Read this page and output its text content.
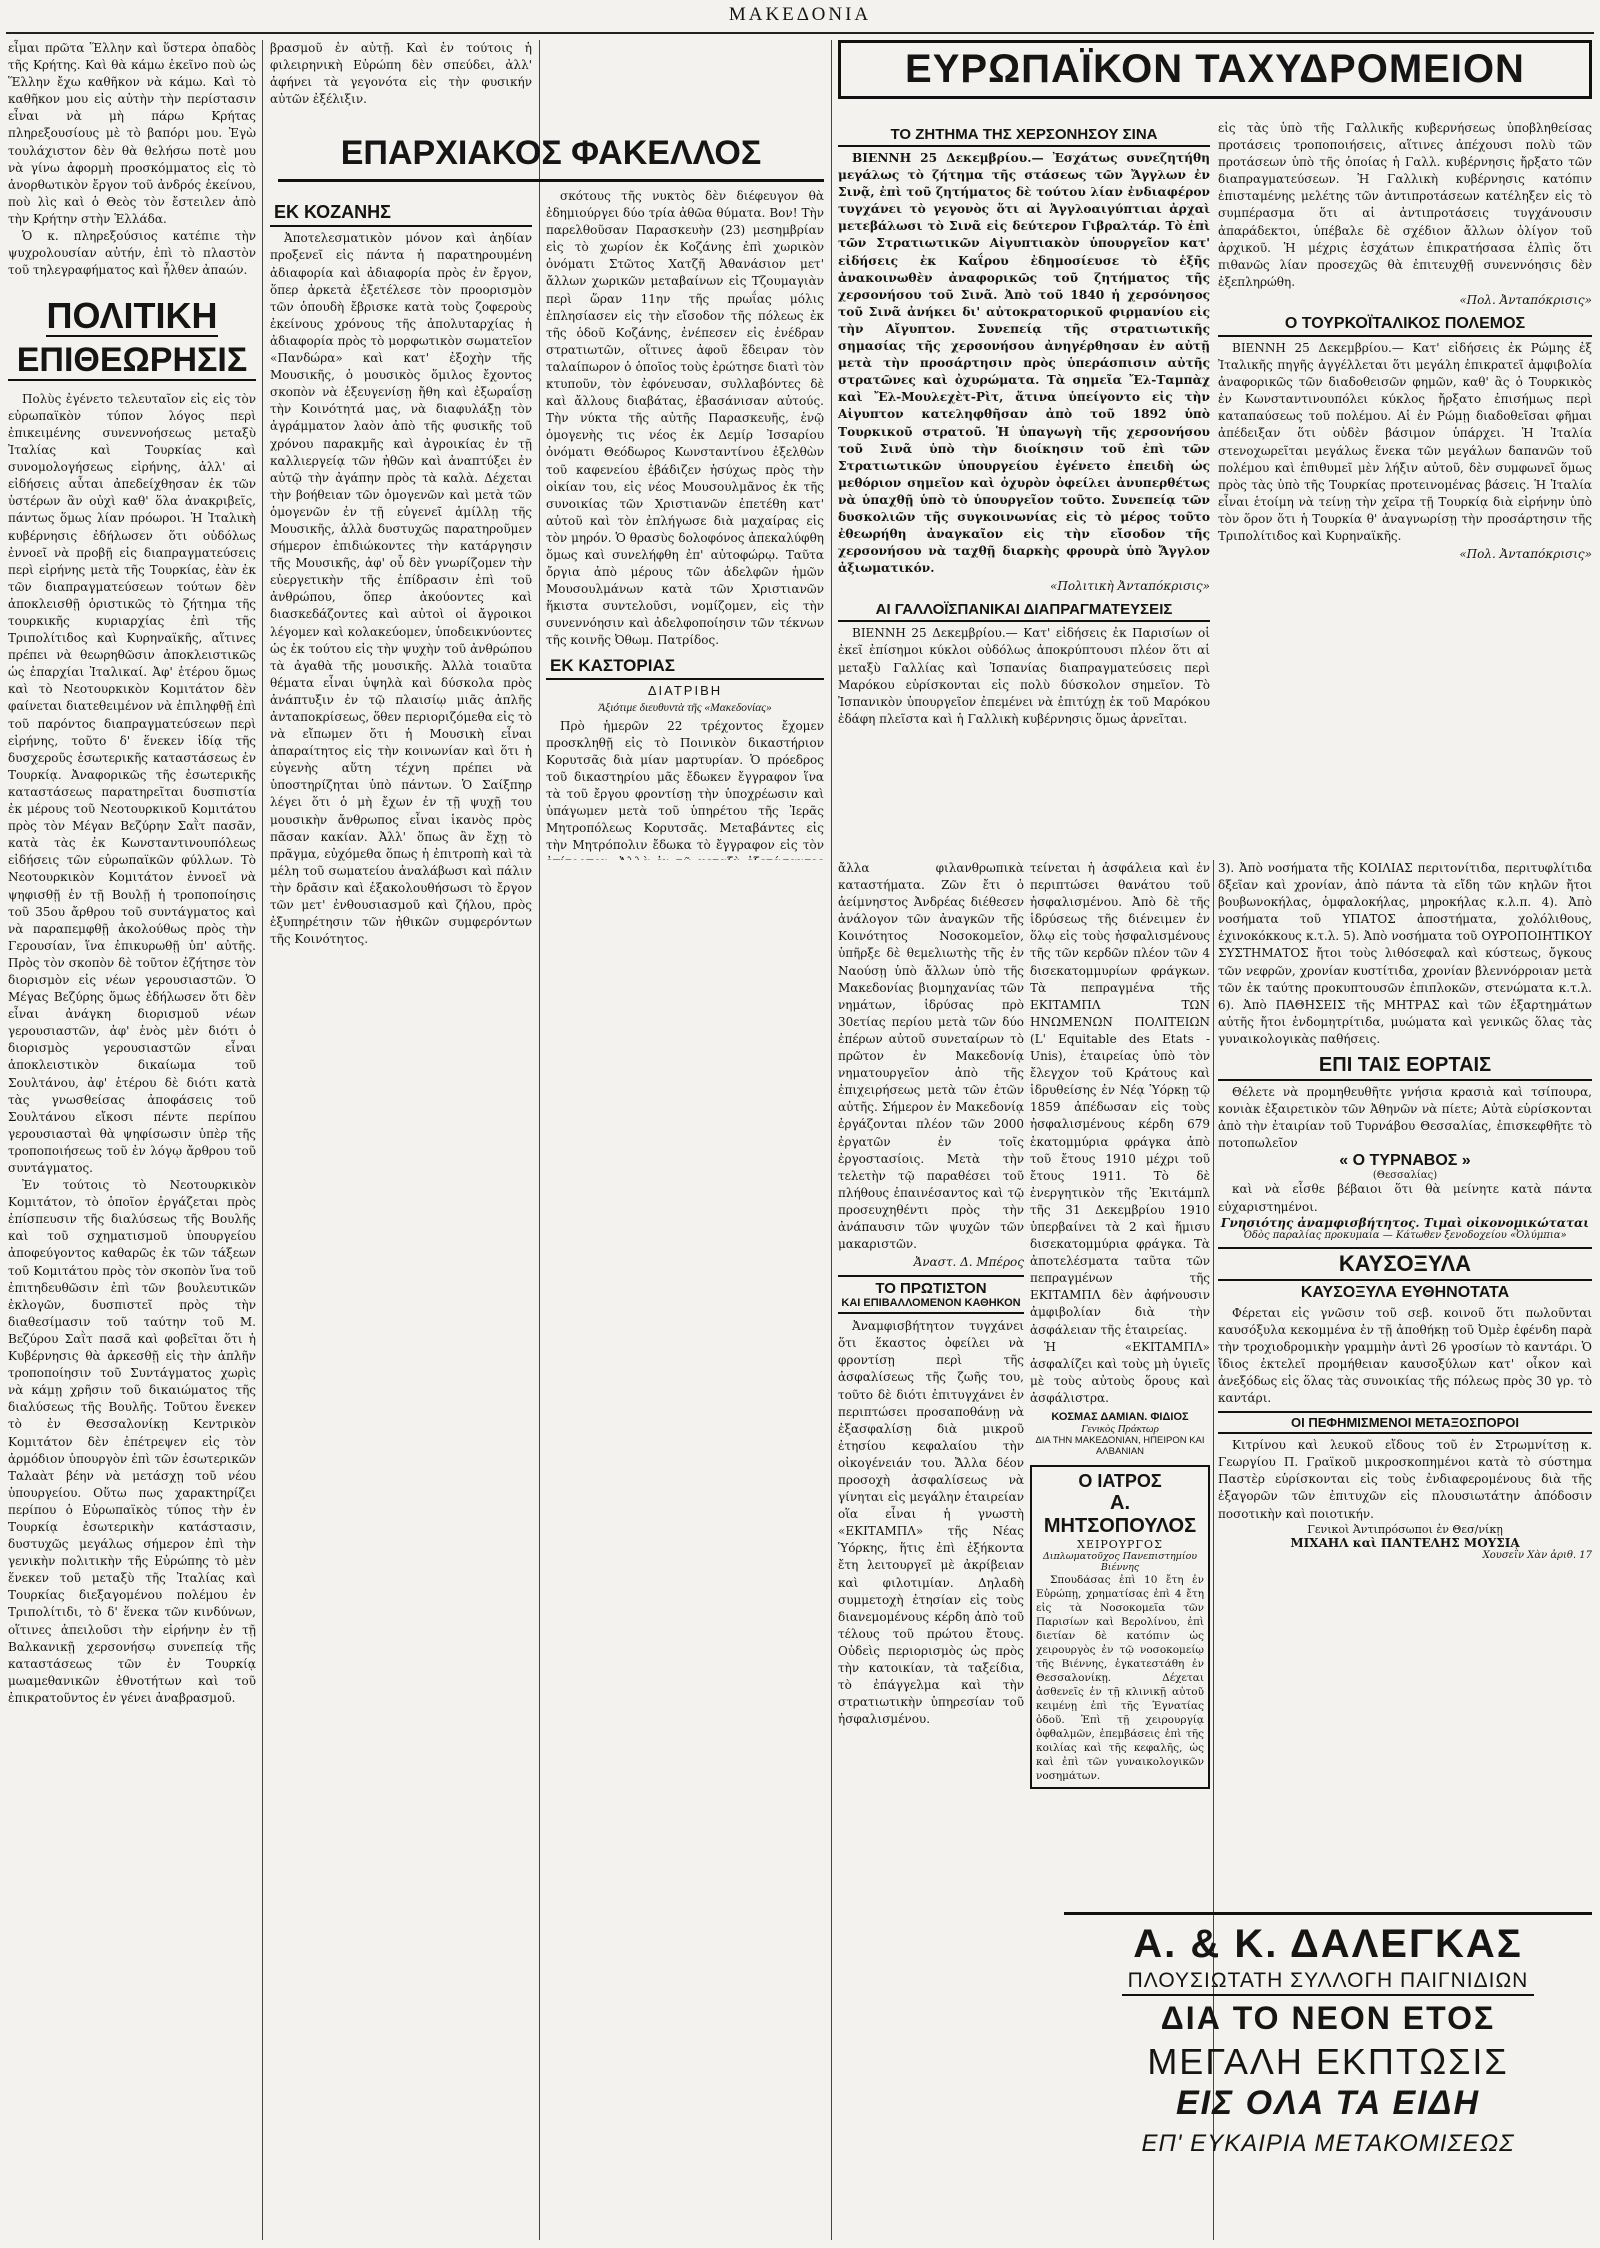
ΜΑΚΕΔΟΝΙΑ

εἶμαι πρῶτα Ἕλλην καὶ ὕστερα ὀπαδὸς τῆς Κρήτης. Καὶ θὰ κάμω ἐκεῖνο ποὺ ὡς Ἕλλην ἔχω καθῆκον νὰ κάμω. Καὶ τὸ καθῆκον μου εἰς αὐτὴν τὴν περίστασιν εἶναι νὰ μὴ πάρω Κρήτας πληρεξουσίους μὲ τὸ βαπόρι μου. Ἐγὼ τουλάχιστον δὲν θὰ θελήσω ποτὲ μου νὰ γίνω ἀφορμὴ προσκόμματος εἰς τὸ ἀνορθωτικὸν ἔργον τοῦ ἀνδρός ἐκείνου, ποὺ λὶς καὶ ὁ Θεὸς τὸν ἔστειλεν ἀπὸ τὴν Κρήτην στὴν Ἑλλάδα.

Ὁ κ. πληρεξούσιος κατέπιε τὴν ψυχρολουσίαν αὐτήν, ἐπὶ τὸ πλαστὸν τοῦ τηλεγραφήματος καὶ ἦλθεν ἀπαών.

ΠΟΛΙΤΙΚΗ
ΕΠΙΘΕΩΡΗΣΙΣ

Πολὺς ἐγένετο τελευταῖον εἰς εἰς τὸν εὐρωπαϊκὸν τύπον λόγος περὶ ἐπικειμένης συνεννοήσεως μεταξὺ Ἰταλίας καὶ Τουρκίας καὶ συνομολογήσεως εἰρήνης, ἀλλ' αἱ εἰδήσεις αὗται ἀπεδείχθησαν ἐκ τῶν ὑστέρων ἂν οὐχὶ καθ' ὅλα ἀνακριβεῖς, πάντως ὅμως λίαν πρόωροι. Ἡ Ἰταλικὴ κυβέρνησις ἐδήλωσεν ὅτι οὐδόλως ἐννοεῖ νὰ προβῇ εἰς διαπραγματεύσεις περὶ εἰρήνης μετὰ τῆς Τουρκίας, ἐὰν ἐκ τῶν διαπραγματεύσεων τούτων δὲν ἀποκλεισθῇ ὁριστικῶς τὸ ζήτημα τῆς τουρκικῆς κυριαρχίας ἐπὶ τῆς Τριπολίτιδος καὶ Κυρηναϊκῆς, αἵτινες πρέπει νὰ θεωρηθῶσιν ἀποκλειστικῶς ὡς ἐπαρχίαι Ἰταλικαί. Ἀφ' ἑτέρου ὅμως καὶ τὸ Νεοτουρκικὸν Κομιτάτον δὲν φαίνεται διατεθειμένον νὰ ἐπιληφθῇ ἐπὶ τοῦ παρόντος διαπραγματεύσεων περὶ εἰρήνης, τοῦτο δ' ἕνεκεν ἰδίᾳ τῆς δυσχεροῦς ἐσωτερικῆς καταστάσεως ἐν Τουρκίᾳ. Ἀναφορικῶς τῆς ἐσωτερικῆς καταστάσεως παρατηρεῖται δυσπιστία ἐκ μέρους τοῦ Νεοτουρκικοῦ Κομιτάτου πρὸς τὸν Μέγαν Βεζύρην Σαῒτ πασᾶν, κατὰ τὰς ἐκ Κωνσταντινουπόλεως εἰδήσεις τῶν εὐρωπαϊκῶν φύλλων. Τὸ Νεοτουρκικὸν Κομιτάτον ἐννοεῖ νὰ ψηφισθῇ ἐν τῇ Βουλῇ ἡ τροποποίησις τοῦ 35ου ἄρθρου τοῦ συντάγματος καὶ νὰ παραπεμφθῇ ἀκολούθως πρὸς τὴν Γερουσίαν, ἵνα ἐπικυρωθῇ ὑπ' αὐτῆς. Πρὸς τὸν σκοπὸν δὲ τοῦτον ἐζήτησε τὸν διορισμὸν εἰς νέων γερουσιαστῶν. Ὁ Μέγας Βεζύρης ὅμως ἐδήλωσεν ὅτι δὲν εἶναι ἀνάγκη διορισμοῦ νέων γερουσιαστῶν, ἀφ' ἑνὸς μὲν διότι ὁ διορισμὸς γερουσιαστῶν εἶναι ἀποκλειστικὸν δικαίωμα τοῦ Σουλτάνου, ἀφ' ἑτέρου δὲ διότι κατὰ τὰς γνωσθείσας ἀποφάσεις τοῦ Σουλτάνου εἴκοσι πέντε περίπου γερουσιασταὶ θὰ ψηφίσωσιν ὑπὲρ τῆς τροποποιήσεως τοῦ ἐν λόγῳ ἄρθρου τοῦ συντάγματος.

Ἐν τούτοις τὸ Νεοτουρκικὸν Κομιτάτον, τὸ ὁποῖον ἐργάζεται πρὸς ἐπίσπευσιν τῆς διαλύσεως τῆς Βουλῆς καὶ τοῦ σχηματισμοῦ ὑπουργείου ἀποφεύγοντος καθαρῶς ἐκ τῶν τάξεων τοῦ Κομιτάτου πρὸς τὸν σκοπὸν ἵνα τοῦ ἐπιτηδευθῶσιν ἐπὶ τῶν βουλευτικῶν ἐκλογῶν, δυσπιστεῖ πρὸς τὴν διαθεσίμασιν τοῦ ταύτην τοῦ Μ. Βεζύρου Σαῒτ πασᾶ καὶ φοβεῖται ὅτι ἡ Κυβέρνησις θὰ ἀρκεσθῇ εἰς τὴν ἁπλῆν τροποποίησιν τοῦ Συντάγματος χωρὶς νὰ κάμῃ χρῆσιν τοῦ δικαιώματος τῆς διαλύσεως τῆς Βουλῆς. Τοῦτου ἕνεκεν τὸ ἐν Θεσσαλονίκῃ Κεντρικὸν Κομιτάτον δὲν ἐπέτρεψεν εἰς τὸν ἀρμόδιον ὑπουργὸν ἐπὶ τῶν ἐσωτερικῶν Ταλαὰτ βέην νὰ μετάσχῃ τοῦ νέου ὑπουργείου. Οὕτω πως χαρακτηρίζει περίπου ὁ Εὐρωπαϊκὸς τύπος τὴν ἐν Τουρκίᾳ ἐσωτερικὴν κατάστασιν, δυστυχῶς μεγάλως σήμερον ἐπὶ τὴν γενικὴν πολιτικὴν τῆς Εὐρώπης τὸ μὲν ἕνεκεν τοῦ μεταξὺ τῆς Ἰταλίας καὶ Τουρκίας διεξαγομένου πολέμου ἐν Τριπολίτιδι, τὸ δ' ἕνεκα τῶν κινδύνων, οἵτινες ἀπειλοῦσι τὴν εἰρήνην ἐν τῇ Βαλκανικῇ χερσονήσῳ συνεπείᾳ τῆς καταστάσεως τῶν ἐν Τουρκίᾳ μωαμεθανικῶν ἐθνοτήτων καὶ τοῦ ἐπικρατοῦντος ἐν γένει ἀναβρασμοῦ.

βρασμοῦ ἐν αὐτῇ. Καὶ ἐν τούτοις ἡ φιλειρηνικὴ Εὐρώπη δὲν σπεύδει, ἀλλ' ἀφήνει τὰ γεγονότα εἰς τὴν φυσικήν αὐτῶν ἐξέλιξιν.

ΕΚ ΚΟΖΑΝΗΣ

Ἀποτελεσματικὸν μόνον καὶ ἀηδίαν προξενεῖ εἰς πάντα ἡ παρατηρουμένη ἀδιαφορία καὶ ἀδιαφορία πρὸς ἐν ἔργον, ὅπερ ἀρκετὰ ἐξετέλεσε τὸν προορισμὸν τῶν ὁπουδὴ ἔβρισκε κατὰ τοὺς ζοφεροὺς ἐκείνους χρόνους τῆς ἀπολυταρχίας ἡ ἀδιαφορία πρὸς τὸ μορφωτικὸν σωματεῖον «Πανδώρα» καὶ κατ' ἐξοχὴν τῆς Μουσικῆς, ὁ μουσικὸς ὅμιλος ἔχοντος σκοπὸν νὰ ἐξευγενίσῃ ἤθη καὶ ἐξωραΐσῃ τὴν Κοινότητά μας, νὰ διαφυλάξῃ τὸν ἀγράμματον λαὸν ἀπὸ τῆς φυσικῆς τοῦ χρόνου παρακμῆς καὶ ἀγροικίας ἐν τῇ καλλιεργείᾳ τῶν ἠθῶν καὶ ἀναπτύξει ἐν αὐτῷ τὴν ἀγάπην πρὸς τὰ καλὰ. Δέχεται τὴν βοήθειαν τῶν ὁμογενῶν καὶ μετὰ τῶν ὁμογενῶν ἐν τῇ εὐγενεῖ ἁμίλλῃ τῆς Μουσικῆς, ἀλλὰ δυστυχῶς παρατηροῦμεν σήμερον ἐπιδιώκοντες τὴν κατάργησιν τῆς Μουσικῆς, ἀφ' οὗ δὲν γνωρίζομεν τὴν εὐεργετικὴν τῆς ἐπίδρασιν ἐπὶ τοῦ ἀνθρώπου, ὅπερ ἀκούοντες καὶ διασκεδάζοντες καὶ αὐτοὶ οἱ ἄγροικοι λέγομεν καὶ κολακεύομεν, ὑποδεικνύοντες ὡς ἐκ τούτου εἰς τὴν ψυχὴν τοῦ ἀνθρώπου τὰ ἀγαθὰ τῆς μουσικῆς. Ἀλλὰ τοιαῦτα θέματα εἶναι ὑψηλὰ καὶ δύσκολα πρὸς ἀνάπτυξιν ἐν τῷ πλαισίῳ μιᾶς ἀπλῆς ἀνταποκρίσεως, ὅθεν περιοριζόμεθα εἰς τὸ νὰ εἴπωμεν ὅτι ἡ Μουσικὴ εἶναι ἀπαραίτητος εἰς τὴν κοινωνίαν καὶ ὅτι ἡ εὐγενὴς αὕτη τέχνη πρέπει νὰ ὑποστηρίζηται ὑπὸ πάντων. Ὁ Σαίξπηρ λέγει ὅτι ὁ μὴ ἔχων ἐν τῇ ψυχῇ του μουσικὴν ἄνθρωπος εἶναι ἱκανὸς πρὸς πᾶσαν κακίαν. Ἀλλ' ὅπως ἂν ἔχῃ τὸ πρᾶγμα, εὐχόμεθα ὅπως ἡ ἐπιτροπὴ καὶ τὰ μέλη τοῦ σωματείου ἀναλάβωσι καὶ πάλιν τὴν δρᾶσιν καὶ ἐξακολουθήσωσι τὸ ἔργον τῶν μετ' ἐνθουσιασμοῦ καὶ ζήλου, πρὸς ἐξυπηρέτησιν τῶν ἠθικῶν συμφερόντων τῆς Κοινότητος.

ΕΠΑΡΧΙΑΚΟΣ ΦΑΚΕΛΛΟΣ

σκότους τῆς νυκτὸς δὲν διέφευγον θὰ ἐδημιούργει δύο τρία ἀθῶα θύματα. Βον! Τὴν παρελθοῦσαν Παρασκευὴν (23) μεσημβρίαν εἰς τὸ χωρίον ἐκ Κοζάνης ἐπὶ χωρικὸν ὀνόματι Στῶτος Χατζῆ Ἀθανάσιον μετ' ἄλλων χωρικῶν μεταβαίνων εἰς Τζουμαγιὰν περὶ ὥραν 11ην τῆς πρωΐας μόλις ἐπλησίασεν εἰς τὴν εἴσοδον τῆς πόλεως ἐκ τῆς ὁδοῦ Κοζάνης, ἐνέπεσεν εἰς ἐνέδραν στρατιωτῶν, οἵτινες ἀφοῦ ἔδειραν τὸν ταλαίπωρον ὁ ὁποῖος τοὺς ἐρώτησε διατὶ τὸν κτυποῦν, τὸν ἐφόνευσαν, συλλαβόντες δὲ καὶ ἄλλους διαβάτας, ἐβασάνισαν αὐτούς. Τὴν νύκτα τῆς αὐτῆς Παρασκευῆς, ἐνῷ ὁμογενὴς τις νέος ἐκ Δεμίρ Ἰσσαρίου ὀνόματι Θεόδωρος Κωνσταντίνου ἐξελθὼν τοῦ καφενείου ἐβάδιζεν ἡσύχως πρὸς τὴν οἰκίαν του, εἰς νέος Μουσουλμᾶνος ἐκ τῆς συνοικίας τῶν Χριστιανῶν ἐπετέθη κατ' αὐτοῦ καὶ τὸν ἐπλήγωσε διὰ μαχαίρας εἰς τὸν μηρόν. Ὁ θρασὺς δολοφόνος ἀπεκαλύφθη ὅμως καὶ συνελήφθη ἐπ' αὐτοφώρῳ. Ταῦτα ὄργια ἀπὸ μέρους τῶν ἀδελφῶν ἡμῶν Μουσουλμάνων κατὰ τῶν Χριστιανῶν ἥκιστα συντελοῦσι, νομίζομεν, εἰς τὴν συνεννόησιν καὶ ἀδελφοποίησιν τῶν τέκνων τῆς κοινῆς Ὀθωμ. Πατρίδος.

ΕΚ ΚΑΣΤΟΡΙΑΣ
ΔΙΑΤΡΙΒΗ
Ἀξιότιμε διευθυντὰ τῆς «Μακεδονίας»

Πρὸ ἡμερῶν 22 τρέχοντος ἔχομεν προσκληθῇ εἰς τὸ Ποινικὸν δικαστήριον Κορυτσᾶς διὰ μίαν μαρτυρίαν. Ὁ πρόεδρος τοῦ δικαστηρίου μᾶς ἔδωκεν ἔγγραφον ἵνα τὰ τοῦ ἔργου φροντίσῃ τὴν ὑποχρέωσιν καὶ ὑπάγωμεν μετὰ τοῦ ὑπηρέτου τῆς Ἱερᾶς Μητροπόλεως Κορυτσᾶς. Μεταβάντες εἰς τὴν Μητρόπολιν ἔδωκα τὸ ἔγγραφον εἰς τὸν

ΕΥΡΩΠΑΪΚΟΝ ΤΑΧΥΔΡΟΜΕΙΟΝ
ΤΟ ΖΗΤΗΜΑ ΤΗΣ ΧΕΡΣΟΝΗΣΟΥ ΣΙΝΑ

ΒΙΕΝΝΗ 25 Δεκεμβρίου.— Ἐσχάτως συνεζητήθη μεγάλως τὸ ζήτημα τῆς στάσεως τῶν Ἄγγλων ἐν Σινᾷ, ἐπὶ τοῦ ζητήματος δὲ τούτου λίαν ἐνδιαφέρον τυγχάνει τὸ γεγονὸς ὅτι αἱ Ἀγγλοαιγύπτιαι ἀρχαὶ μετεβάλωσι τὸ Σινᾶ εἰς δεύτερον Γιβραλτάρ. Τὸ ἐπὶ τῶν Στρατιωτικῶν Αἰγυπτιακὸν ὑπουργεῖον κατ' εἰδήσεις ἐκ Καΐρου ἐδημοσίευσε τὸ ἑξῆς ἀνακοινωθὲν ἀναφορικῶς τοῦ ζητήματος τῆς χερσονήσου τοῦ Σινᾶ. Ἀπὸ τοῦ 1840 ἡ χερσόνησος τοῦ Σινᾶ ἀνήκει δι' αὐτοκρατορικοῦ φιρμανίου εἰς τὴν Αἴγυπτον. Συνεπείᾳ τῆς στρατιωτικῆς σημασίας τῆς χερσονήσου ἀνηγέρθησαν ἐν αὐτῇ μετὰ τὴν προσάρτησιν πρὸς ὑπεράσπισιν αὐτῆς στρατῶνες καὶ ὀχυρώματα. Τὰ σημεῖα Ἔλ-Ταμπὰχ καὶ Ἔλ-Μουλεχὲτ-Ρὶτ, ἅτινα ὑπείγοντο εἰς τὴν Αἰγυπτον κατεληφθῆσαν ἀπὸ τοῦ 1892 ὑπὸ Τουρκικοῦ στρατοῦ. Ἡ ὑπαγωγὴ τῆς χερσονήσου τοῦ Σινᾶ ὑπὸ τὴν διοίκησιν τοῦ ἐπὶ τῶν Στρατιωτικῶν ὑπουργείου ἐγένετο ἐπειδὴ ὡς μεθόριον σημεῖον καὶ ὀχυρὸν ὀφείλει ἀνυπερθέτως νὰ ὑπαχθῇ ὑπὸ τὸ ὑπουργεῖον τοῦτο. Συνεπείᾳ τῶν δυσκολιῶν τῆς συγκοινωνίας εἰς τὸ μέρος τοῦτο ἐθεωρήθη ἀναγκαῖον εἰς τὴν εἴσοδον τῆς χερσονήσου νὰ ταχθῇ διαρκὴς φρουρὰ ὑπὸ Ἄγγλον ἀξιωματικόν.

«Πολιτικὴ Ἀνταπόκρισις»
ΑΙ ΓΑΛΛΟΪΣΠΑΝΙΚΑΙ ΔΙΑΠΡΑΓΜΑΤΕΥΣΕΙΣ

ΒΙΕΝΝΗ 25 Δεκεμβρίου.— Κατ' εἰδήσεις ἐκ Παρισίων οἱ ἐκεῖ ἐπίσημοι κύκλοι οὐδόλως ἀποκρύπτουσι πλέον ὅτι αἱ μεταξὺ Γαλλίας καὶ Ἰσπανίας διαπραγματεύσεις περὶ Μαρόκου εὑρίσκονται εἰς πολὺ δύσκολον σημεῖον. Τὸ Ἰσπανικὸν ὑπουργεῖον ἐπεμένει νὰ ἐπιτύχῃ ἐκ τοῦ Μαρόκου ἐδάφη πλεῖστα καὶ ἡ Γαλλικὴ κυβέρνησις ὅμως ἀρνεῖται.

ἄλλα φιλανθρωπικὰ καταστήματα. Ζῶν ἔτι ὁ ἀείμνηστος Ἀνδρέας διέθεσεν ἀνάλογον τῶν ἀναγκῶν τῆς Κοινότητος Νοσοκομεῖον, ὑπῆρξε δὲ θεμελιωτὴς τῆς ἐν Ναούσῃ ὑπὸ ἄλλων ὑπὸ τῆς Μακεδονίας βιομηχανίας τῶν νημάτων, ἱδρύσας πρὸ 30ετίας περίου μετὰ τῶν δύο ἐπέρων αὐτοῦ συνεταίρων τὸ πρῶτον ἐν Μακεδονίᾳ νηματουργεῖον ἀπὸ τῆς ἐπιχειρήσεως μετὰ τῶν ἐτῶν αὐτῆς. Σήμερον ἐν Μακεδονίᾳ ἐργάζονται πλέον τῶν 2000 ἐργατῶν ἐν τοῖς ἐργοστασίοις. Μετὰ τὴν τελετὴν τῷ παραθέσει τοῦ πλήθους ἐπαινέσαντος καὶ τῷ προσευχηθέντι πρὸς τὴν ἀνάπαυσιν τῶν ψυχῶν τῶν μακαριστῶν.

Ἀναστ. Δ. Μπέρος
ΤΟ ΠΡΩΤΙΣΤΟΝ
ΚΑΙ ΕΠΙΒΑΛΛΟΜΕΝΟΝ ΚΑΘΗΚΟΝ

Ἀναμφισβήτητον τυγχάνει ὅτι ἕκαστος ὀφείλει νὰ φροντίσῃ περὶ τῆς ἀσφαλίσεως τῆς ζωῆς του, τοῦτο δὲ διότι ἐπιτυγχάνει ἐν περιπτώσει προσαποθάνῃ νὰ ἐξασφαλίσῃ διὰ μικροῦ ἐτησίου κεφαλαίου τὴν οἰκογένειάν του. Ἄλλα δέον προσοχὴ ἀσφαλίσεως νὰ γίνηται εἰς μεγάλην ἑταιρείαν οἵα εἶναι ἡ γνωστὴ «ΕΚΙΤΑΜΠΛ» τῆς Νέας Ὑόρκης, ἥτις ἐπὶ ἐξήκοντα ἔτη λειτουργεῖ μὲ ἀκρίβειαν καὶ φιλοτιμίαν. Δηλαδὴ συμμετοχὴ ἐτησίαν εἰς τοὺς διανεμομένους κέρδη ἀπὸ τοῦ τέλους τοῦ πρώτου ἔτους. Οὐδεὶς περιορισμὸς ὡς πρὸς τὴν κατοικίαν, τὰ ταξείδια, τὸ ἐπάγγελμα καὶ τὴν στρατιωτικὴν ὑπηρεσίαν τοῦ ἠσφαλισμένου.

τείνεται ἡ ἀσφάλεια καὶ ἐν περιπτώσει θανάτου τοῦ ἠσφαλισμένου. Ἀπὸ δὲ τῆς ἱδρύσεως τῆς διένειμεν ἐν ὅλῳ εἰς τοὺς ἠσφαλισμένους τῆς τῶν κερδῶν πλέον τῶν 4 δισεκατομμυρίων φράγκων. Τὰ πεπραγμένα τῆς ΕΚΙΤΑΜΠΛ ΤΩΝ ΗΝΩΜΕΝΩΝ ΠΟΛΙΤΕΙΩΝ (L' Equitable des Etats - Unis), ἑταιρείας ὑπὸ τὸν ἔλεγχον τοῦ Κράτους καὶ ἱδρυθείσης ἐν Νέᾳ Ὑόρκῃ τῷ 1859 ἀπέδωσαν εἰς τοὺς ἠσφαλισμένους κέρδη 679 ἑκατομμύρια φράγκα ἀπὸ τοῦ ἔτους 1910 μέχρι τοῦ ἔτους 1911. Τὸ δὲ ἐνεργητικὸν τῆς Ἐκιτάμπλ τῆς 31 Δεκεμβρίου 1910 ὑπερβαίνει τὰ 2 καὶ ἥμισυ δισεκατομμύρια φράγκα. Τὰ ἀποτελέσματα ταῦτα τῶν πεπραγμένων τῆς ΕΚΙΤΑΜΠΛ δὲν ἀφήνουσιν ἀμφιβολίαν διὰ τὴν ἀσφάλειαν τῆς ἑταιρείας.

Ἡ «ΕΚΙΤΑΜΠΛ» ἀσφαλίζει καὶ τοὺς μὴ ὑγιεῖς μὲ τοὺς αὐτοὺς ὅρους καὶ ἀσφάλιστρα.

ΚΟΣΜΑΣ ΔΑΜΙΑΝ. ΦΙΔΙΟΣ
Γενικὸς Πράκτωρ
ΔΙΑ ΤΗΝ ΜΑΚΕΔΟΝΙΑΝ, ΗΠΕΙΡΟΝ ΚΑΙ ΑΛΒΑΝΙΑΝ
Ο ΙΑΤΡΟΣ
Α. ΜΗΤΣΟΠΟΥΛΟΣ
ΧΕΙΡΟΥΡΓΟΣ
Διπλωματοῦχος Πανεπιστημίου Βιέννης

Σπουδάσας ἐπὶ 10 ἔτη ἐν Εὐρώπῃ, χρηματίσας ἐπὶ 4 ἔτη εἰς τὰ Νοσοκομεῖα τῶν Παρισίων καὶ Βερολίνου, ἐπὶ διετίαν δὲ κατόπιν ὡς χειρουργὸς ἐν τῷ νοσοκομείῳ τῆς Βιέννης, ἐγκατεστάθη ἐν Θεσσαλονίκῃ. Δέχεται ἀσθενεῖς ἐν τῇ κλινικῇ αὐτοῦ κειμένῃ ἐπὶ τῆς Ἐγνατίας ὁδοῦ. Ἐπὶ τῇ χειρουργίᾳ ὀφθαλμῶν, ἐπεμβάσεις ἐπὶ τῆς κοιλίας καὶ τῆς κεφαλῆς, ὡς καὶ ἐπὶ τῶν γυναικολογικῶν νοσημάτων.

εἰς τὰς ὑπὸ τῆς Γαλλικῆς κυβερνήσεως ὑποβληθείσας προτάσεις τροποποιήσεις, αἵτινες ἀπέχουσι πολὺ τῶν προτάσεων ὑπὸ τῆς ὁποίας ἡ Γαλλ. κυβέρνησις ἤρξατο τῶν διαπραγματεύσεων. Ἡ Γαλλικὴ κυβέρνησις κατόπιν ἐπισταμένης μελέτης τῶν ἀντιπροτάσεων κατέληξεν εἰς τὸ συμπέρασμα ὅτι αἱ ἀντιπροτάσεις τυγχάνουσιν ἀπαράδεκτοι, ὑπέβαλε δὲ σχέδιον ἄλλων ὀλίγον τοῦ ἀρχικοῦ. Ἡ μέχρις ἐσχάτων ἐπικρατήσασα ἐλπὶς ὅτι πιθανῶς λίαν προσεχῶς θὰ ἐπιτευχθῇ συνεννόησις δὲν ἐξεπληρώθη.

«Πολ. Ἀνταπόκρισις»
Ο ΤΟΥΡΚΟΪΤΑΛΙΚΟΣ ΠΟΛΕΜΟΣ

ΒΙΕΝΝΗ 25 Δεκεμβρίου.— Κατ' εἰδήσεις ἐκ Ρώμης ἐξ Ἰταλικῆς πηγῆς ἀγγέλλεται ὅτι μεγάλη ἐπικρατεῖ ἀμφιβολία ἀναφορικῶς τῶν διαδοθεισῶν φημῶν, καθ' ἃς ὁ Τουρκικὸς ἐν Κωνσταντινουπόλει κύκλος ἤρξατο ἐπισήμως περὶ καταπαύσεως τοῦ πολέμου. Αἱ ἐν Ρώμῃ διαδοθεῖσαι φῆμαι ἀπέδειξαν ὅτι οὐδὲν βάσιμον ὑπάρχει. Ἡ Ἰταλία στενοχωρεῖται μεγάλως ἕνεκα τῶν μεγάλων δαπανῶν τοῦ πολέμου καὶ ἐπιθυμεῖ μὲν λήξιν αὐτοῦ, δὲν συμφωνεῖ ὅμως πρὸς τὰς ὑπὸ τῆς Τουρκίας προτεινομένας βάσεις. Ἡ Ἰταλία εἶναι ἑτοίμη νὰ τείνῃ τὴν χεῖρα τῇ Τουρκίᾳ διὰ εἰρήνην ὑπὸ τὸν ὅρον ὅτι ἡ Τουρκία θ' ἀναγνωρίσῃ τὴν προσάρτησιν τῆς Τριπολίτιδος καὶ Κυρηναϊκῆς.

«Πολ. Ἀνταπόκρισις»

3). Ἀπὸ νοσήματα τῆς ΚΟΙΛΙΑΣ περιτονίτιδα, περιτυφλίτιδα δξεῖαν καὶ χρονίαν, ἀπὸ πάντα τὰ εἴδη τῶν κηλῶν ἤτοι βουβωνοκήλας, ὀμφαλοκήλας, μηροκήλας κ.λ.π. 4). Ἀπὸ νοσήματα τοῦ ΥΠΑΤΟΣ ἀποστήματα, χολόλιθους, ἐχινοκόκκους κ.τ.λ. 5). Ἀπὸ νοσήματα τοῦ ΟΥΡΟΠΟΙΗΤΙΚΟΥ ΣΥΣΤΗΜΑΤΟΣ ἤτοι τοὺς λιθόσεφαλ καὶ κύστεως, ὄγκους τῶν νεφρῶν, χρονίαν κυστίτιδα, χρονίαν βλεννόρροιαν μετὰ τῶν ἐκ ταύτης προκυπτουσῶν ἐπιπλοκῶν, στενώματα κ.τ.λ. 6). Ἀπὸ ΠΑΘΗΣΕΙΣ τῆς ΜΗΤΡΑΣ καὶ τῶν ἐξαρτημάτων αὐτῆς ἤτοι ἐνδομητρίτιδα, μυώματα καὶ γενικῶς ὅλας τὰς γυναικολογικὰς παθήσεις.

ΕΠΙ ΤΑΙΣ ΕΟΡΤΑΙΣ

Θέλετε νὰ προμηθευθῆτε γνήσια κρασιὰ καὶ τσίπουρα, κονιὰκ ἐξαιρετικὸν τῶν Ἀθηνῶν νὰ πίετε; Αὐτὰ εὑρίσκονται ἀπὸ τὴν ἐταιρίαν τοῦ Τυρνάβου Θεσσαλίας, ἐπισκεφθῆτε τὸ ποτοπωλεῖον

« Ο ΤΥΡΝΑΒΟΣ »
(Θεσσαλίας)

καὶ νὰ εἶσθε βέβαιοι ὅτι θὰ μείνητε κατὰ πάντα εὐχαριστημένοι.

Γνησιότης ἀναμφισβήτητος. Τιμαὶ οἰκονομικώταται
Ὁδὸς παραλίας προκυμαία — Κάτωθεν ξενοδοχείου «Ὀλύμπια»
ΚΑΥΣΟΞΥΛΑ
ΚΑΥΣΟΞΥΛΑ ΕΥΘΗΝΟΤΑΤΑ

Φέρεται εἰς γνῶσιν τοῦ σεβ. κοινοῦ ὅτι πωλοῦνται καυσόξυλα κεκομμένα ἐν τῇ ἀποθήκῃ τοῦ Ὀμὲρ ἐφένδη παρὰ τὴν τροχιοδρομικὴν γραμμὴν ἀντὶ 26 γροσίων τὸ καντάρι. Ὁ ἴδιος ἐκτελεῖ προμήθειαν καυσοξύλων κατ' οἶκον καὶ ἀνεξόδως εἰς ὅλας τὰς συνοικίας τῆς πόλεως πρὸς 30 γρ. τὸ καντάρι.

ΟΙ ΠΕΦΗΜΙΣΜΕΝΟΙ ΜΕΤΑΞΟΣΠΟΡΟΙ

Κιτρίνου καὶ λευκοῦ εἴδους τοῦ ἐν Στρωμνίτσῃ κ. Γεωργίου Π. Γραϊκοῦ μικροσκοπημένοι κατὰ τὸ σύστημα Παστὲρ εὑρίσκονται εἰς τοὺς ἐνδιαφερομένους διὰ τῆς ἐξαγορῶν τῶν ἐπιτυχῶν εἰς πλουσιωτάτην ἀπόδοσιν ποσοτικὴν καὶ ποιοτικήν.

Γενικοὶ Ἀντιπρόσωποι ἐν Θεσ/νίκῃ
ΜΙΧΑΗΛ καὶ ΠΑΝΤΕΛΗΣ ΜΟΥΣΙΑ
Χουσεῒν Χὰν ἀριθ. 17
Α. & Κ. ΔΑΛΕΓΚΑΣ
ΠΛΟΥΣΙΩΤΑΤΗ ΣΥΛΛΟΓΗ ΠΑΙΓΝΙΔΙΩΝ
ΔΙΑ ΤΟ ΝΕΟΝ ΕΤΟΣ
ΜΕΓΑΛΗ ΕΚΠΤΩΣΙΣ
ΕΙΣ ΟΛΑ ΤΑ ΕΙΔΗ
ΕΠ' ΕΥΚΑΙΡΙΑ ΜΕΤΑΚΟΜΙΣΕΩΣ
